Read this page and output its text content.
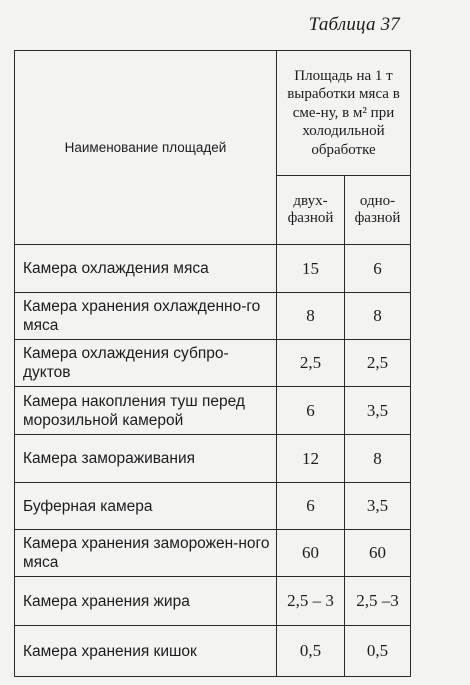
Таблица 37
Наименование площадей	Площадь на 1 т выработки мяса в сме-ну, в м² при холодильной обработке	
	двух-фазной	одно-фазной
Камера охлаждения мяса	15	6
Камера хранения охлажденно-го мяса	8	8
Камера охлаждения субпро-дуктов	2,5	2,5
Камера накопления туш перед морозильной камерой	6	3,5
Камера замораживания	12	8
Буферная камера	6	3,5
Камера хранения заморожен-ного мяса	60	60
Камера хранения жира	2,5 – 3	2,5 –3
Камера хранения кишок	0,5	0,5
